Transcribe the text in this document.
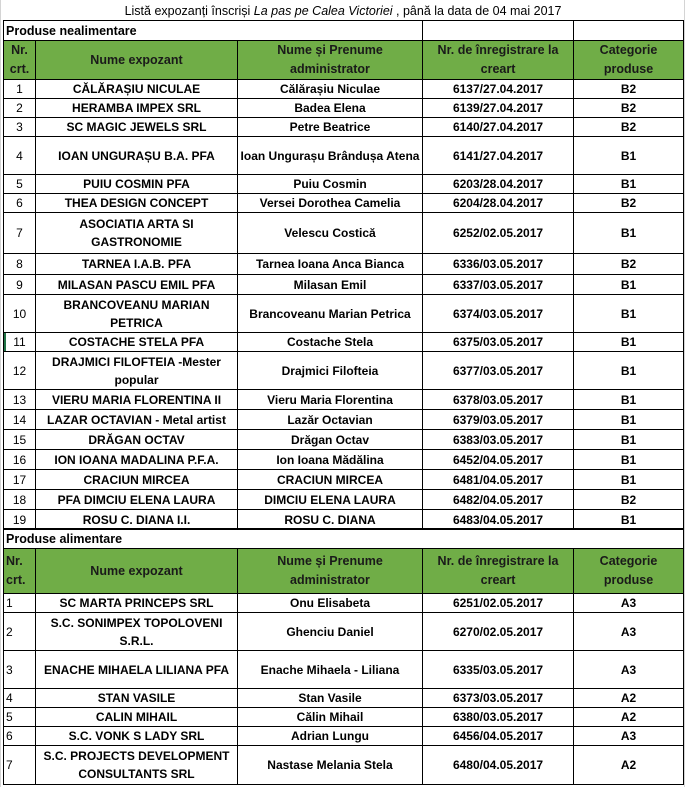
Listă expozanți înscriși La pas pe Calea Victoriei , până la data de 04 mai 2017
Produse nealimentare				
Nr. crt.	Nume expozant	Nume și Prenume administrator	Nr. de înregistrare la creart	Categorie produse
1	CĂLĂRAȘIU NICULAE	Călărașiu Niculae	6137/27.04.2017	B2
2	HERAMBA IMPEX SRL	Badea Elena	6139/27.04.2017	B2
3	SC MAGIC JEWELS SRL	Petre Beatrice	6140/27.04.2017	B2
4	IOAN UNGURAȘU B.A. PFA	Ioan Ungurașu Brândușa Atena	6141/27.04.2017	B1
5	PUIU COSMIN PFA	Puiu Cosmin	6203/28.04.2017	B1
6	THEA DESIGN CONCEPT	Versei Dorothea Camelia	6204/28.04.2017	B2
7	ASOCIATIA ARTA SI GASTRONOMIE	Velescu Costică	6252/02.05.2017	B1
8	TARNEA I.A.B. PFA	Tarnea Ioana Anca Bianca	6336/03.05.2017	B2
9	MILASAN PASCU EMIL PFA	Milasan Emil	6337/03.05.2017	B1
10	BRANCOVEANU MARIAN PETRICA	Brancoveanu Marian Petrica	6374/03.05.2017	B1
11	COSTACHE STELA PFA	Costache Stela	6375/03.05.2017	B1
12	DRAJMICI FILOFTEIA -Mester popular	Drajmici Filofteia	6377/03.05.2017	B1
13	VIERU MARIA FLORENTINA II	Vieru Maria Florentina	6378/03.05.2017	B1
14	LAZAR OCTAVIAN - Metal artist	Lazăr Octavian	6379/03.05.2017	B1
15	DRĂGAN OCTAV	Drăgan Octav	6383/03.05.2017	B1
16	ION IOANA MADALINA P.F.A.	Ion Ioana Mădălina	6452/04.05.2017	B1
17	CRACIUN MIRCEA	CRACIUN MIRCEA	6481/04.05.2017	B1
18	PFA DIMCIU ELENA LAURA	DIMCIU ELENA LAURA	6482/04.05.2017	B2
19	ROSU C. DIANA I.I.	ROSU C. DIANA	6483/04.05.2017	B1
Produse alimentare				
Nr. crt.	Nume expozant	Nume și Prenume administrator	Nr. de înregistrare la creart	Categorie produse
1	SC MARTA PRINCEPS SRL	Onu Elisabeta	6251/02.05.2017	A3
2	S.C. SONIMPEX TOPOLOVENI S.R.L.	Ghenciu Daniel	6270/02.05.2017	A3
3	ENACHE MIHAELA LILIANA PFA	Enache Mihaela - Liliana	6335/03.05.2017	A3
4	STAN VASILE	Stan Vasile	6373/03.05.2017	A2
5	CALIN MIHAIL	Călin Mihail	6380/03.05.2017	A2
6	S.C. VONK S LADY SRL	Adrian Lungu	6456/04.05.2017	A3
7	S.C. PROJECTS DEVELOPMENT CONSULTANTS SRL	Nastase Melania Stela	6480/04.05.2017	A2
